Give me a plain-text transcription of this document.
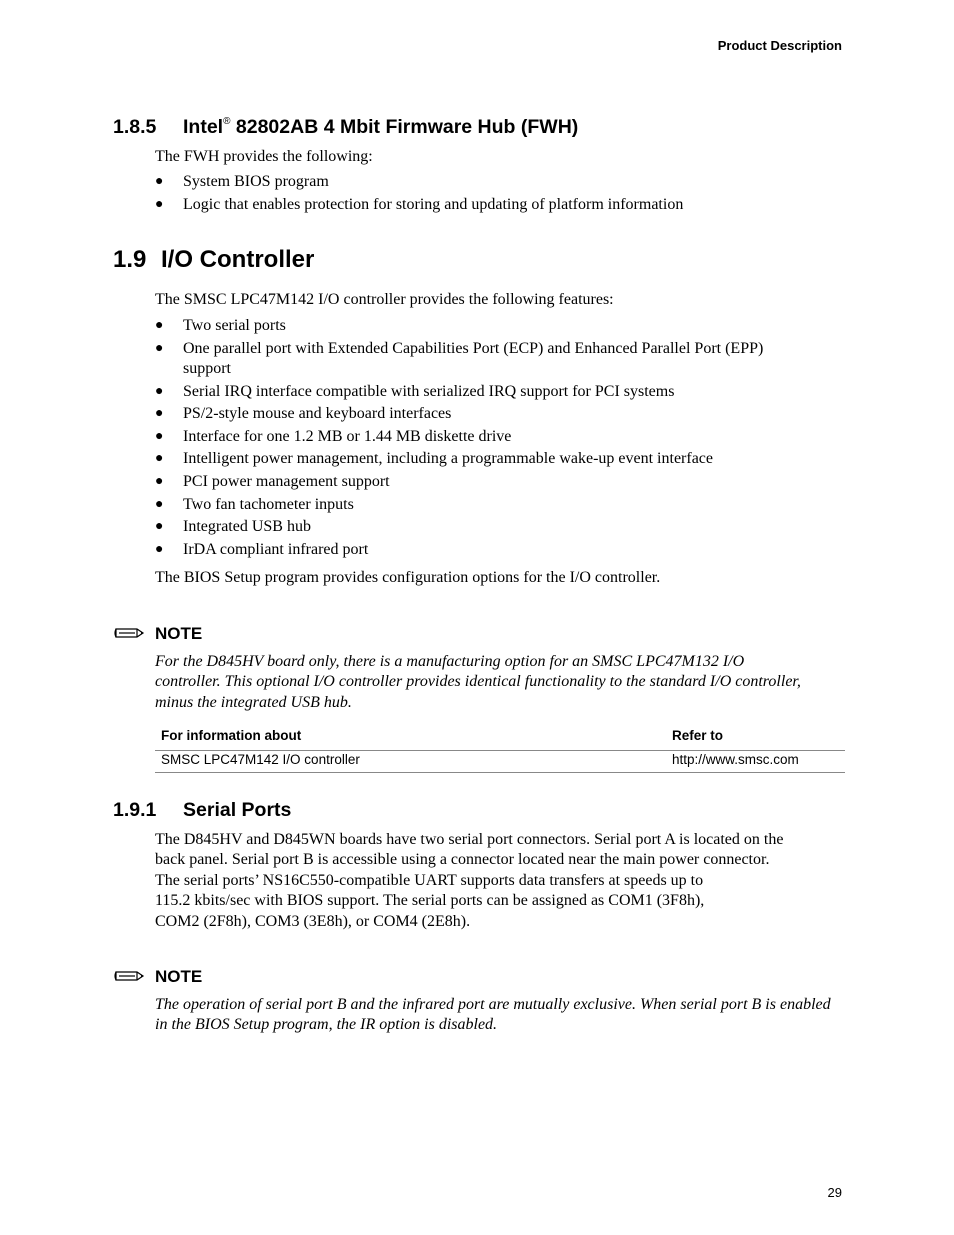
Product Description
1.8.5 Intel® 82802AB 4 Mbit Firmware Hub (FWH)
The FWH provides the following:
● System BIOS program
● Logic that enables protection for storing and updating of platform information
1.9 I/O Controller
The SMSC LPC47M142 I/O controller provides the following features:
● Two serial ports
● One parallel port with Extended Capabilities Port (ECP) and Enhanced Parallel Port (EPP) support
● Serial IRQ interface compatible with serialized IRQ support for PCI systems
● PS/2-style mouse and keyboard interfaces
● Interface for one 1.2 MB or 1.44 MB diskette drive
● Intelligent power management, including a programmable wake-up event interface
● PCI power management support
● Two fan tachometer inputs
● Integrated USB hub
● IrDA compliant infrared port
The BIOS Setup program provides configuration options for the I/O controller.
NOTE
For the D845HV board only, there is a manufacturing option for an SMSC LPC47M132 I/O controller. This optional I/O controller provides identical functionality to the standard I/O controller, minus the integrated USB hub.
For information about	Refer to
SMSC LPC47M142 I/O controller	http://www.smsc.com
1.9.1 Serial Ports
The D845HV and D845WN boards have two serial port connectors. Serial port A is located on the
back panel. Serial port B is accessible using a connector located near the main power connector.
The serial ports’ NS16C550-compatible UART supports data transfers at speeds up to
115.2 kbits/sec with BIOS support. The serial ports can be assigned as COM1 (3F8h),
COM2 (2F8h), COM3 (3E8h), or COM4 (2E8h).
NOTE
The operation of serial port B and the infrared port are mutually exclusive. When serial port B is enabled in the BIOS Setup program, the IR option is disabled.
29
